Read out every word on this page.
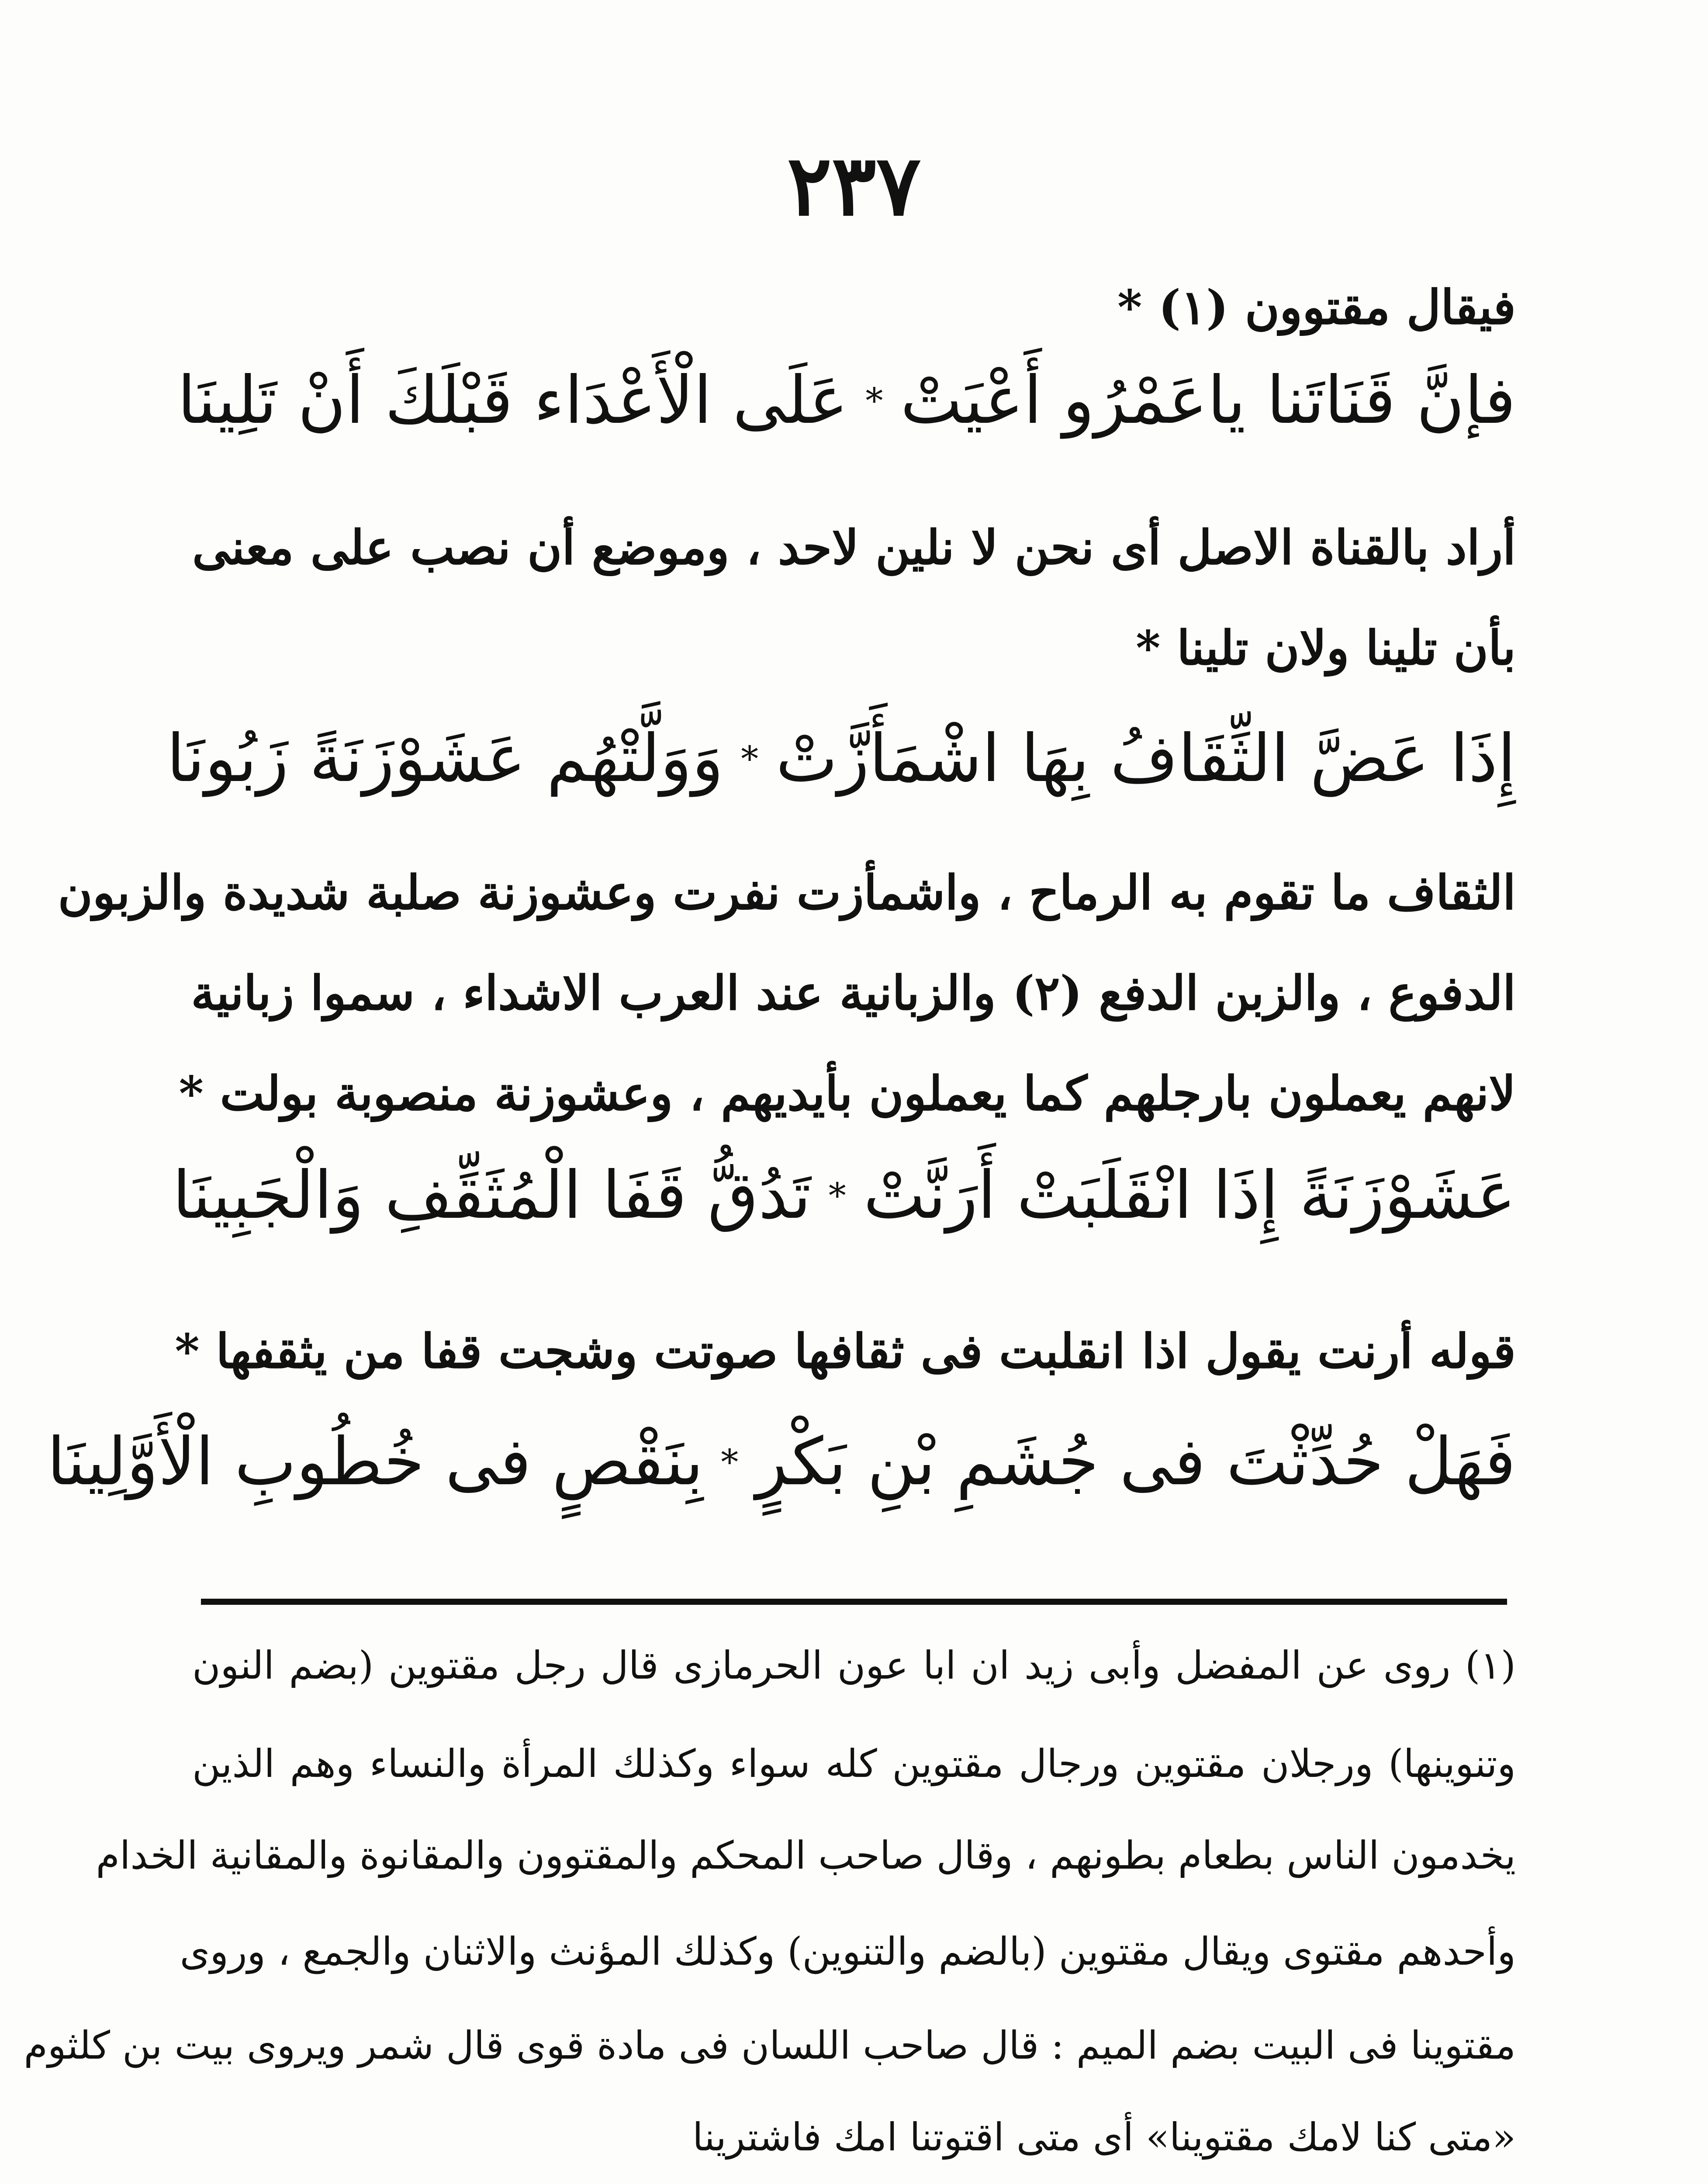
٢٣٧
فيقال مقتوون (١) *
فإنَّ قَنَاتَنا ياعَمْرُو أَعْيَتْ
*
عَلَى الْأَعْدَاء قَبْلَكَ أَنْ تَلِينَا
أراد بالقناة الاصل أى نحن لا نلين لاحد ، وموضع أن نصب على معنى
بأن تلينا ولان تلينا *
إِذَا عَضَّ الثِّقَافُ بِهَا اشْمَأَزَّتْ
*
وَوَلَّتْهُم عَشَوْزَنَةً زَبُونَا
الثقاف ما تقوم به الرماح ، واشمأزت نفرت وعشوزنة صلبة شديدة والزبون
الدفوع ، والزبن الدفع (٢) والزبانية عند العرب الاشداء ، سموا زبانية
لانهم يعملون بارجلهم كما يعملون بأيديهم ، وعشوزنة منصوبة بولت *
عَشَوْزَنَةً إِذَا انْقَلَبَتْ أَرَنَّتْ
*
تَدُقُّ قَفَا الْمُثَقِّفِ وَالْجَبِينَا
قوله أرنت يقول اذا انقلبت فى ثقافها صوتت وشجت قفا من يثقفها *
فَهَلْ حُدِّثْتَ فى جُشَمِ بْنِ بَكْرٍ
*
بِنَقْصٍ فى خُطُوبِ الْأَوَّلِينَا
(١) روى عن المفضل وأبى زيد ان ابا عون الحرمازى قال رجل مقتوين (بضم النون
وتنوينها) ورجلان مقتوين ورجال مقتوين كله سواء وكذلك المرأة والنساء وهم الذين
يخدمون الناس بطعام بطونهم ، وقال صاحب المحكم والمقتوون والمقانوة والمقانية الخدام
وأحدهم مقتوى ويقال مقتوين (بالضم والتنوين) وكذلك المؤنث والاثنان والجمع ، وروى
مقتوينا فى البيت بضم الميم : قال صاحب اللسان فى مادة قوى قال شمر ويروى بيت بن كلثوم
«متى كنا لامك مقتوينا» أى متى اقتوتنا امك فاشترينا
